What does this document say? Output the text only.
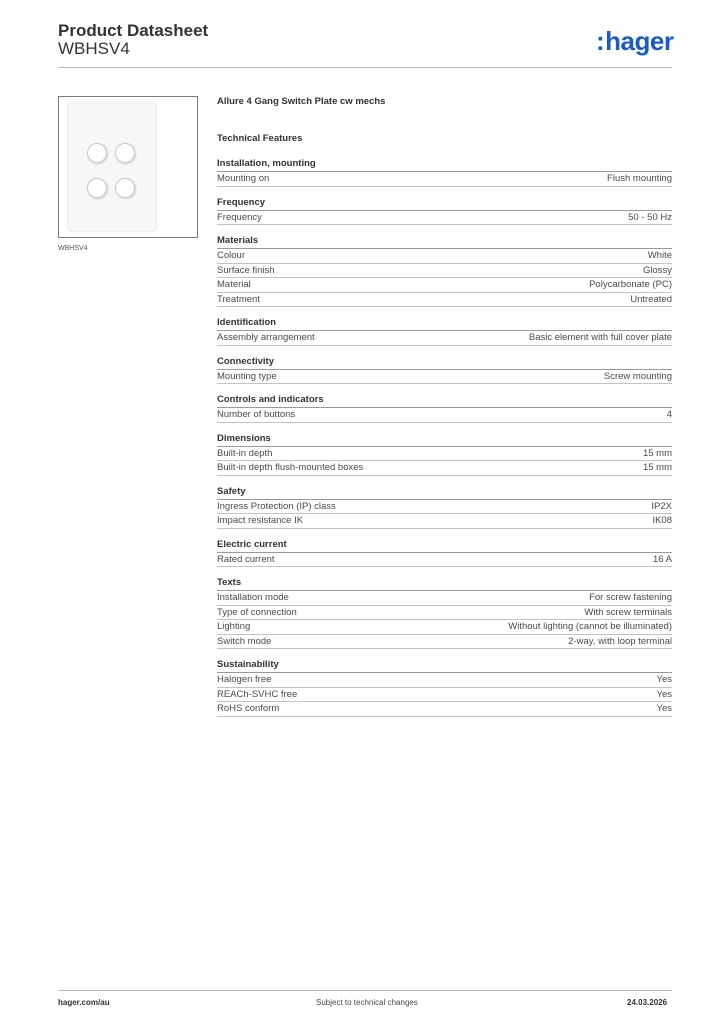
Product Datasheet
WBHSV4	:hager
WBHSV4
Allure 4 Gang Switch Plate cw mechs
Technical Features
Installation, mounting
Mounting on	Flush mounting
Frequency
Frequency	50 - 50 Hz
Materials
Colour	White
Surface finish	Glossy
Material	Polycarbonate (PC)
Treatment	Untreated
Identification
Assembly arrangement	Basic element with full cover plate
Connectivity
Mounting type	Screw mounting
Controls and indicators
Number of buttons	4
Dimensions
Built-in depth	15 mm
Built-in depth flush-mounted boxes	15 mm
Safety
Ingress Protection (IP) class	IP2X
Impact resistance IK	IK08
Electric current
Rated current	16 A
Texts
Installation mode	For screw fastening
Type of connection	With screw terminals
Lighting	Without lighting (cannot be illuminated)
Switch mode	2-way, with loop terminal
Sustainability
Halogen free	Yes
REACh-SVHC free	Yes
RoHS conform	Yes
hager.com/au	Subject to technical changes	24.03.2026
